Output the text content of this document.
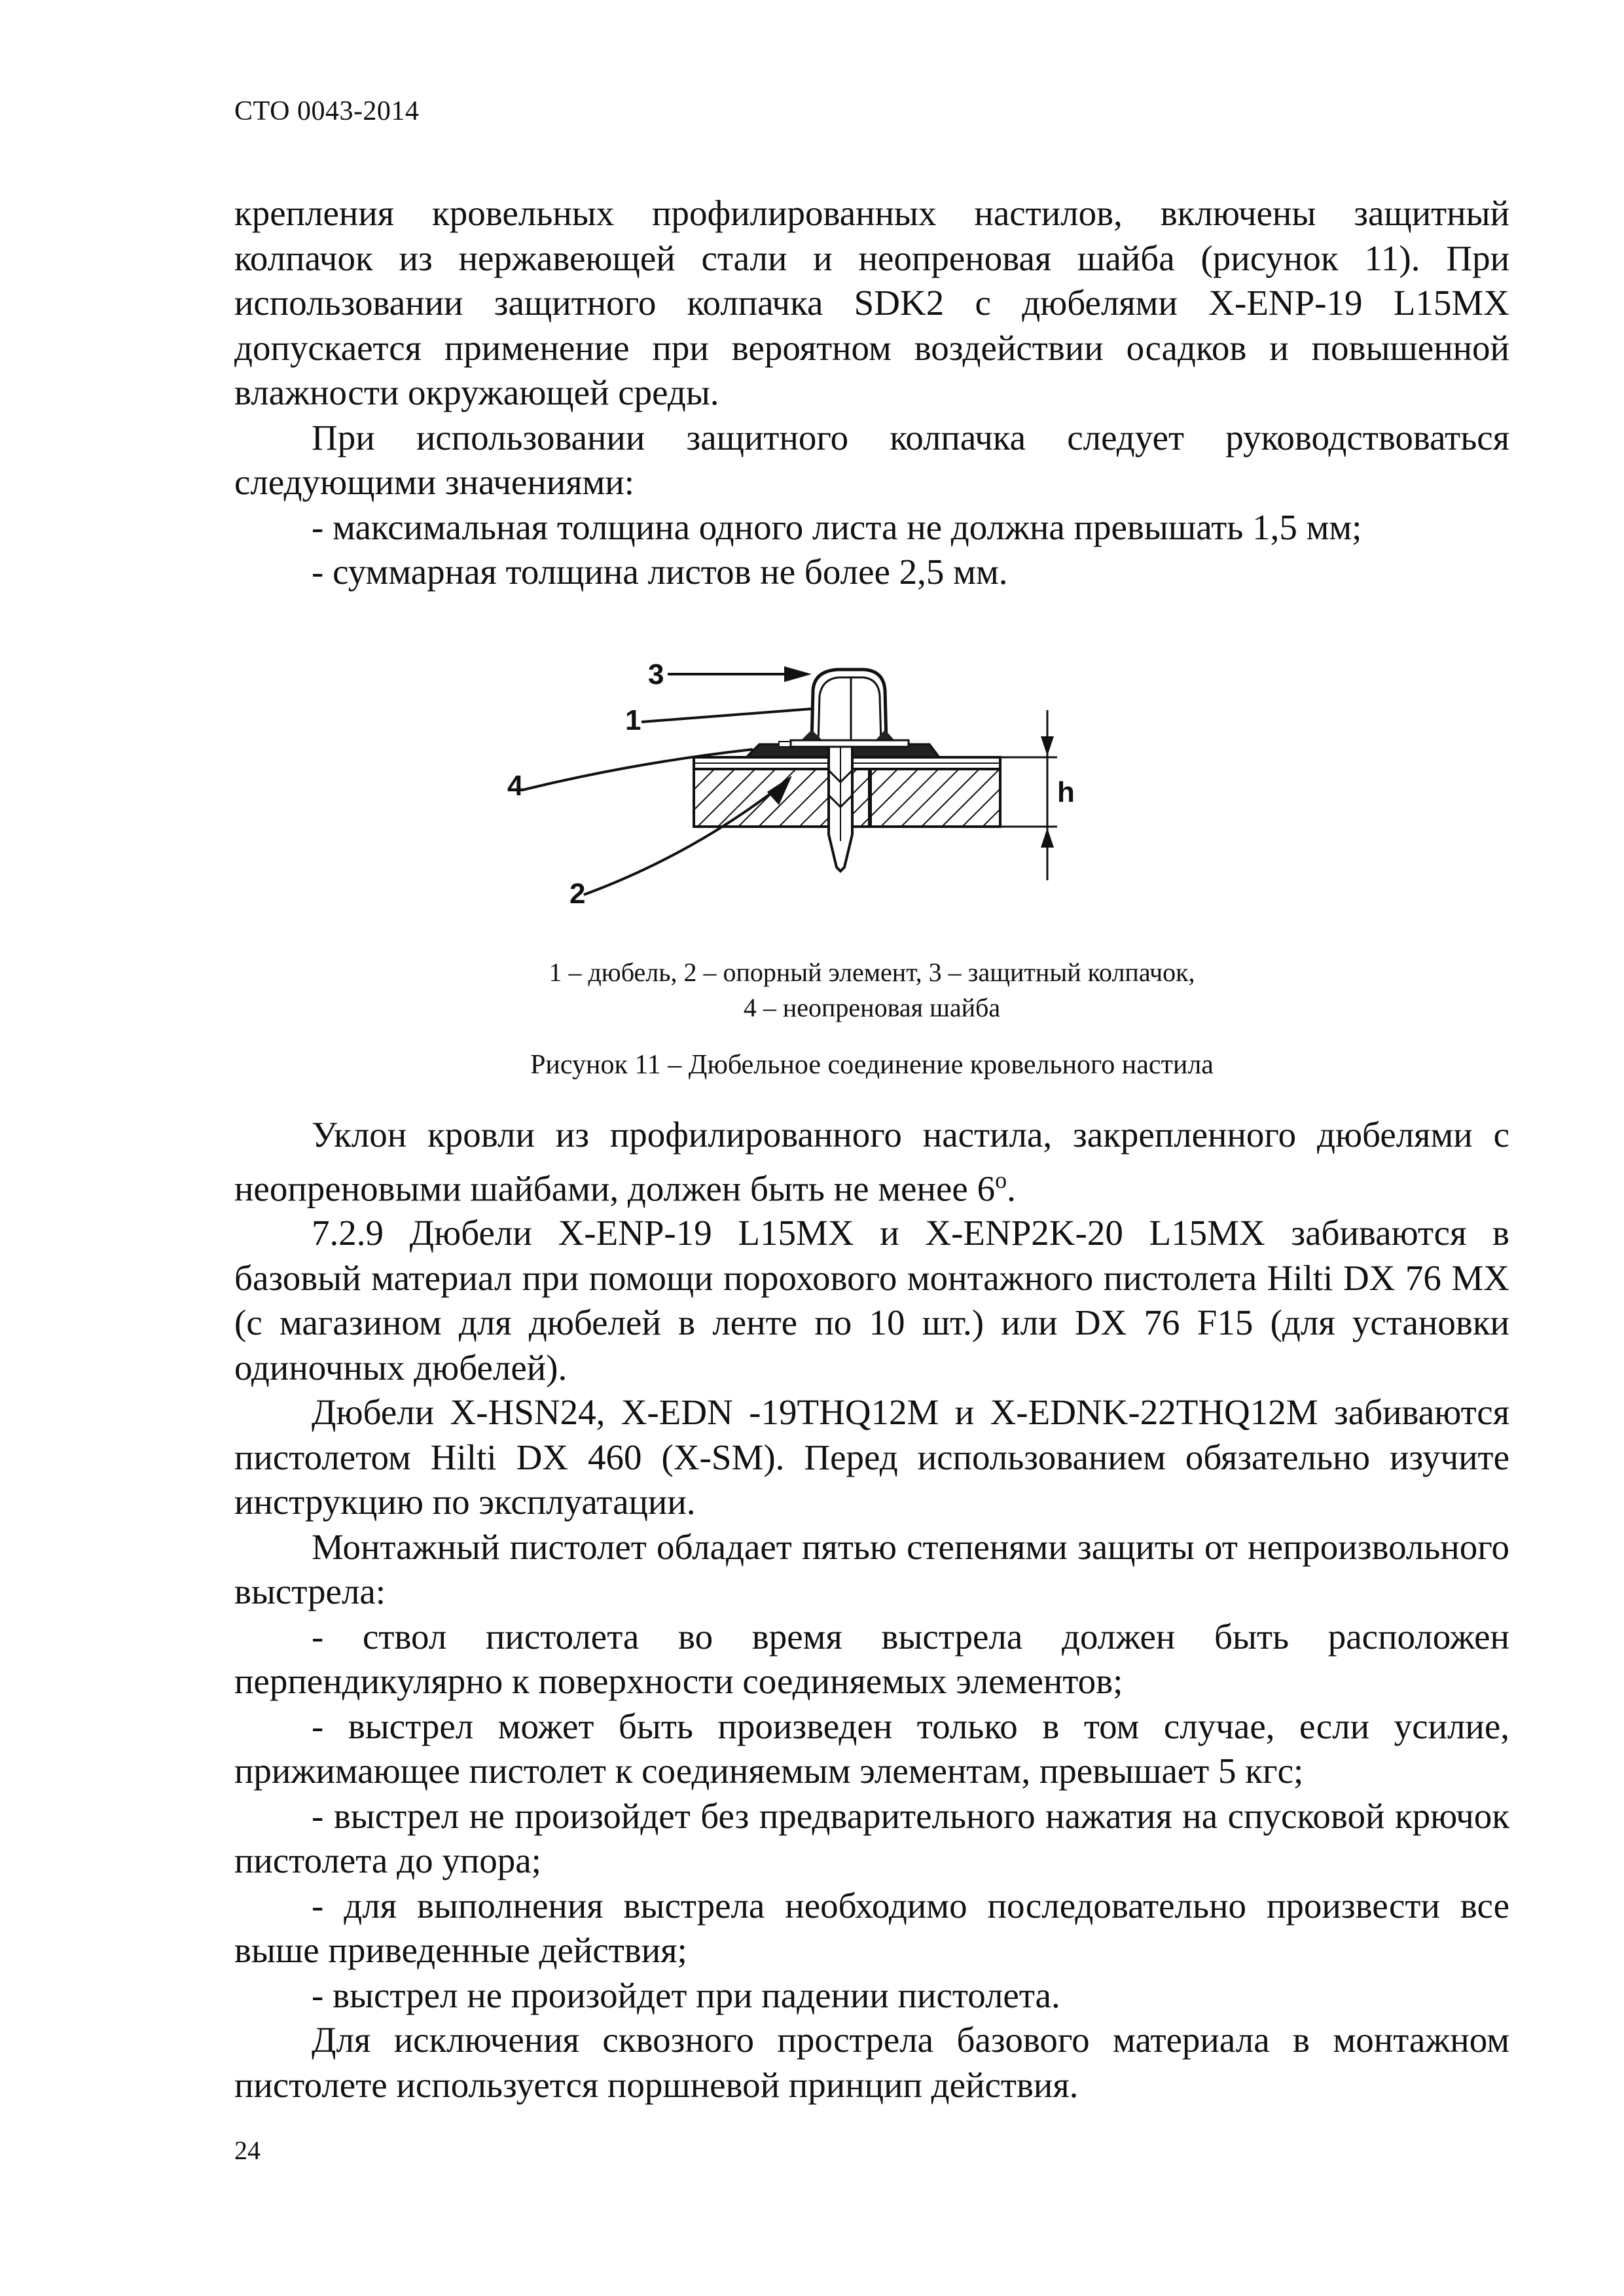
СТО 0043-2014

крепления кровельных профилированных настилов, включены защитный колпачок из нержавеющей стали и неопреновая шайба (рисунок 11). При использовании защитного колпачка SDK2 с дюбелями X-ENP-19 L15MX допускается применение при вероятном воздействии осадков и повышенной влажности окружающей среды.

При использовании защитного колпачка следует руководствоваться следующими значениями:

- максимальная толщина одного листа не должна превышать 1,5 мм;

- суммарная толщина листов не более 2,5 мм.

h
3
1
4
2
1 – дюбель, 2 – опорный элемент, 3 – защитный колпачок,
4 – неопреновая шайба
Рисунок 11 – Дюбельное соединение кровельного настила

Уклон кровли из профилированного настила, закрепленного дюбелями с неопреновыми шайбами, должен быть не менее $6^о$.

7.2.9 Дюбели X-ENP-19 L15MX и X-ENP2K-20 L15MX забиваются в базовый материал при помощи порохового монтажного пистолета Hilti DX 76 MX (с магазином для дюбелей в ленте по 10 шт.) или DX 76 F15 (для установки одиночных дюбелей).

Дюбели X-HSN24, X-EDN -19THQ12M и X-EDNK-22THQ12M забиваются пистолетом Hilti DX 460 (X-SM). Перед использованием обязательно изучите инструкцию по эксплуатации.

Монтажный пистолет обладает пятью степенями защиты от непроизвольного выстрела:

- ствол пистолета во время выстрела должен быть расположен перпендикулярно к поверхности соединяемых элементов;

- выстрел может быть произведен только в том случае, если усилие, прижимающее пистолет к соединяемым элементам, превышает 5 кгс;

- выстрел не произойдет без предварительного нажатия на спусковой крючок пистолета до упора;

- для выполнения выстрела необходимо последовательно произвести все выше приведенные действия;

- выстрел не произойдет при падении пистолета.

Для исключения сквозного прострела базового материала в монтажном пистолете используется поршневой принцип действия.

24
